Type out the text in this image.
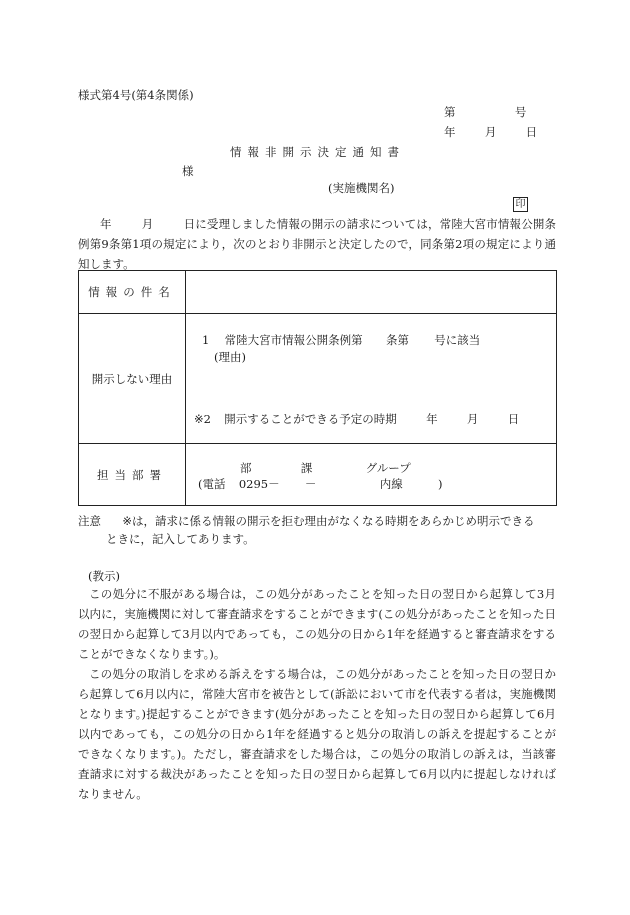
様式第4号(第4条関係)
第	号
年	月	日
情報非開示決定通知書
様
(実施機関名)
印
年	月	日に受理しました情報の開示の請求については，常陸大宮市情報公開条例第9条第1項の規定により，次のとおり非開示と決定したので，同条第2項の規定により通知します。
情報の件名	
開示しない理由	1 常陸大宮市情報公開条例第 条第 号に該当
(理由)
※2 開示することができる予定の時期 年 月 日

担当部署	部 課 グループ
(電話 0295－ － 内線 )
注意 ※は，請求に係る情報の開示を拒む理由がなくなる時期をあらかじめ明示できる
ときに，記入してあります。
(教示)
この処分に不服がある場合は，この処分があったことを知った日の翌日から起算して3月以内に，実施機関に対して審査請求をすることができます(この処分があったことを知った日の翌日から起算して3月以内であっても，この処分の日から1年を経過すると審査請求をすることができなくなります。)。
この処分の取消しを求める訴えをする場合は，この処分があったことを知った日の翌日から起算して6月以内に，常陸大宮市を被告として(訴訟において市を代表する者は，実施機関となります。)提起することができます(処分があったことを知った日の翌日から起算して6月以内であっても，この処分の日から1年を経過すると処分の取消しの訴えを提起することができなくなります。)。ただし，審査請求をした場合は，この処分の取消しの訴えは，当該審査請求に対する裁決があったことを知った日の翌日から起算して6月以内に提起しなければなりません。
